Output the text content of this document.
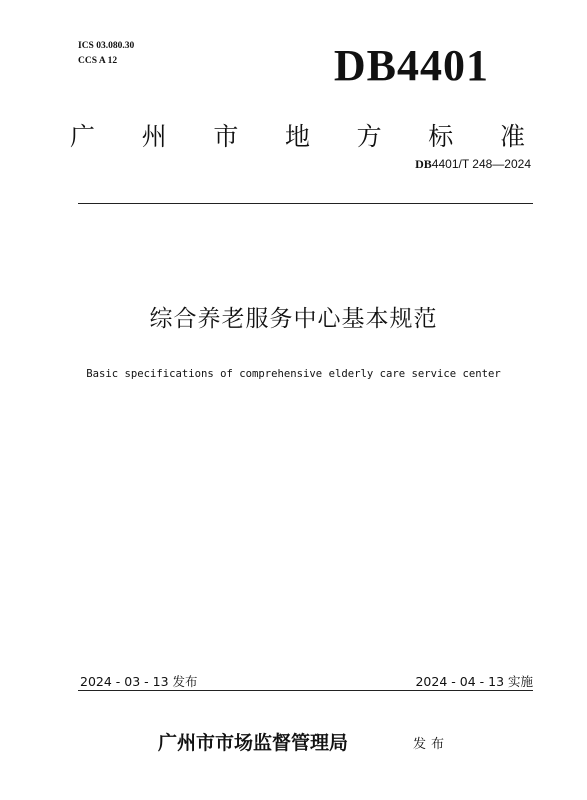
ICS 03.080.30
CCS A 12	DB4401
广 州 市 地 方 标 准
DB4401/T 248—2024
综合养老服务中心基本规范
Basic specifications of comprehensive elderly care service center
2024 - 03 - 13 发布	2024 - 04 - 13 实施
广州市市场监督管理局	发布
